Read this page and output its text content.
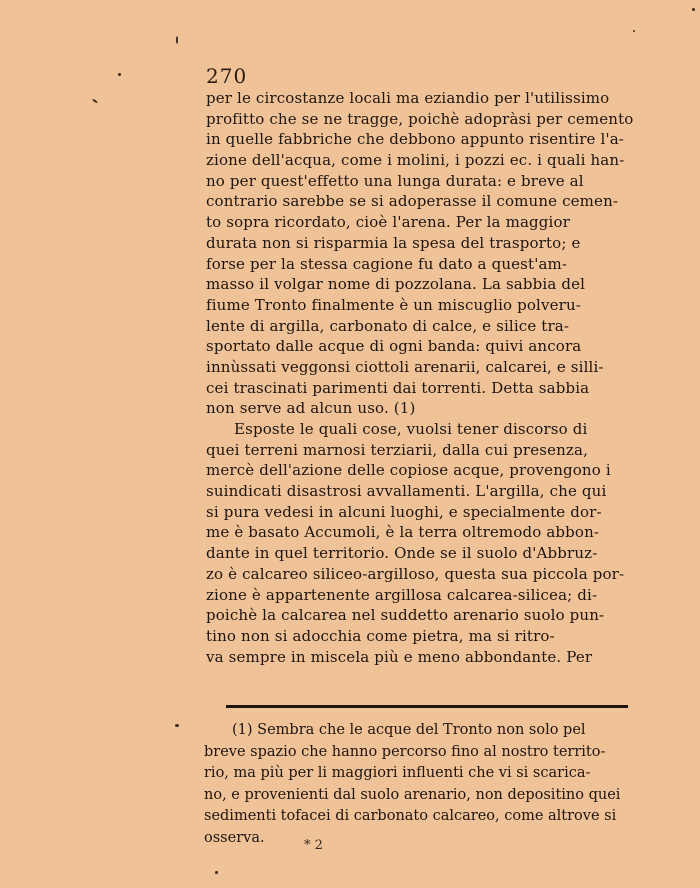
270
per le circostanze locali ma eziandio per l'utilissimo
profitto che se ne tragge, poichè adopràsi per cemento
in quelle fabbriche che debbono appunto risentire l'a-
zione dell'acqua, come i molini, i pozzi ec. i quali han-
no per quest'effetto una lunga durata: e breve al
contrario sarebbe se si adoperasse il comune cemen-
to sopra ricordato, cioè l'arena. Per la maggior
durata non si risparmia la spesa del trasporto; e
forse per la stessa cagione fu dato a quest'am-
masso il volgar nome di pozzolana. La sabbia del
fiume Tronto finalmente è un miscuglio polveru-
lente di argilla, carbonato di calce, e silice tra-
sportato dalle acque di ogni banda: quivi ancora
innùssati veggonsi ciottoli arenarii, calcarei, e silli-
cei trascinati parimenti dai torrenti. Detta sabbia
non serve ad alcun uso. (1)
Esposte le quali cose, vuolsi tener discorso di
quei terreni marnosi terziarii, dalla cui presenza,
mercè dell'azione delle copiose acque, provengono i
suindicati disastrosi avvallamenti. L'argilla, che qui
si pura vedesi in alcuni luoghi, e specialmente dor-
me è basato Accumoli, è la terra oltremodo abbon-
dante in quel territorio. Onde se il suolo d'Abbruz-
zo è calcareo siliceo-argilloso, questa sua piccola por-
zione è appartenente argillosa calcarea-silicea; di-
poichè la calcarea nel suddetto arenario suolo pun-
tino non si adocchia come pietra, ma si ritro-
va sempre in miscela più e meno abbondante. Per
(1) Sembra che le acque del Tronto non solo pel
breve spazio che hanno percorso fino al nostro territo-
rio, ma più per li maggiori influenti che vi si scarica-
no, e provenienti dal suolo arenario, non depositino quei
sedimenti tofacei di carbonato calcareo, come altrove si
osserva.	* 2
